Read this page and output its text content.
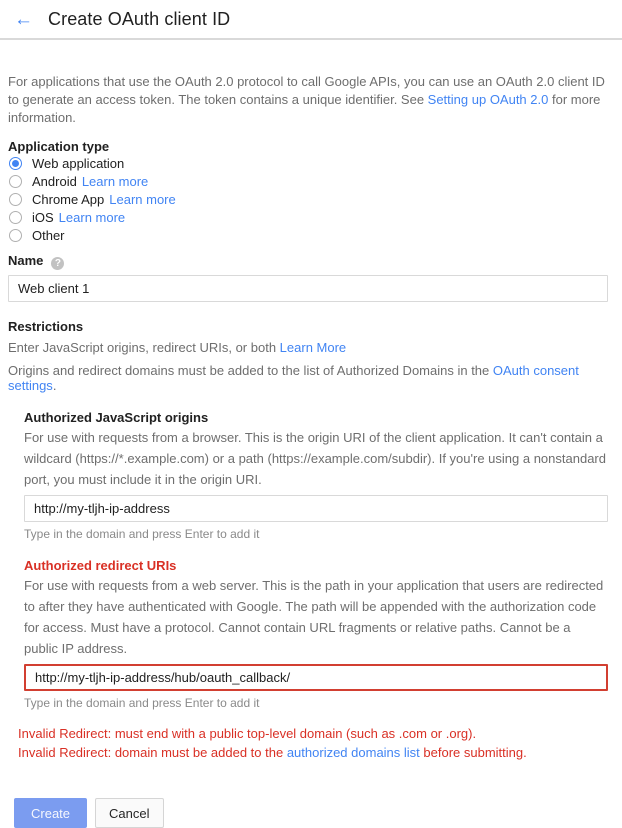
← Create OAuth client ID

For applications that use the OAuth 2.0 protocol to call Google APIs, you can use an OAuth 2.0 client ID to generate an access token. The token contains a unique identifier. See Setting up OAuth 2.0 for more information.

Application type
Web application
Android Learn more
Chrome App Learn more
iOS Learn more
Other
Name ?
Web client 1
Restrictions
Enter JavaScript origins, redirect URIs, or both Learn More
Origins and redirect domains must be added to the list of Authorized Domains in the OAuth consent settings.
Authorized JavaScript origins
For use with requests from a browser. This is the origin URI of the client application. It can't contain a wildcard (https://*.example.com) or a path (https://example.com/subdir). If you're using a nonstandard port, you must include it in the origin URI.
http://my-tljh-ip-address
Type in the domain and press Enter to add it
Authorized redirect URIs
For use with requests from a web server. This is the path in your application that users are redirected to after they have authenticated with Google. The path will be appended with the authorization code for access. Must have a protocol. Cannot contain URL fragments or relative paths. Cannot be a public IP address.
http://my-tljh-ip-address/hub/oauth_callback/
Type in the domain and press Enter to add it
Invalid Redirect: must end with a public top-level domain (such as .com or .org).
Invalid Redirect: domain must be added to the authorized domains list before submitting.
Create	Cancel
